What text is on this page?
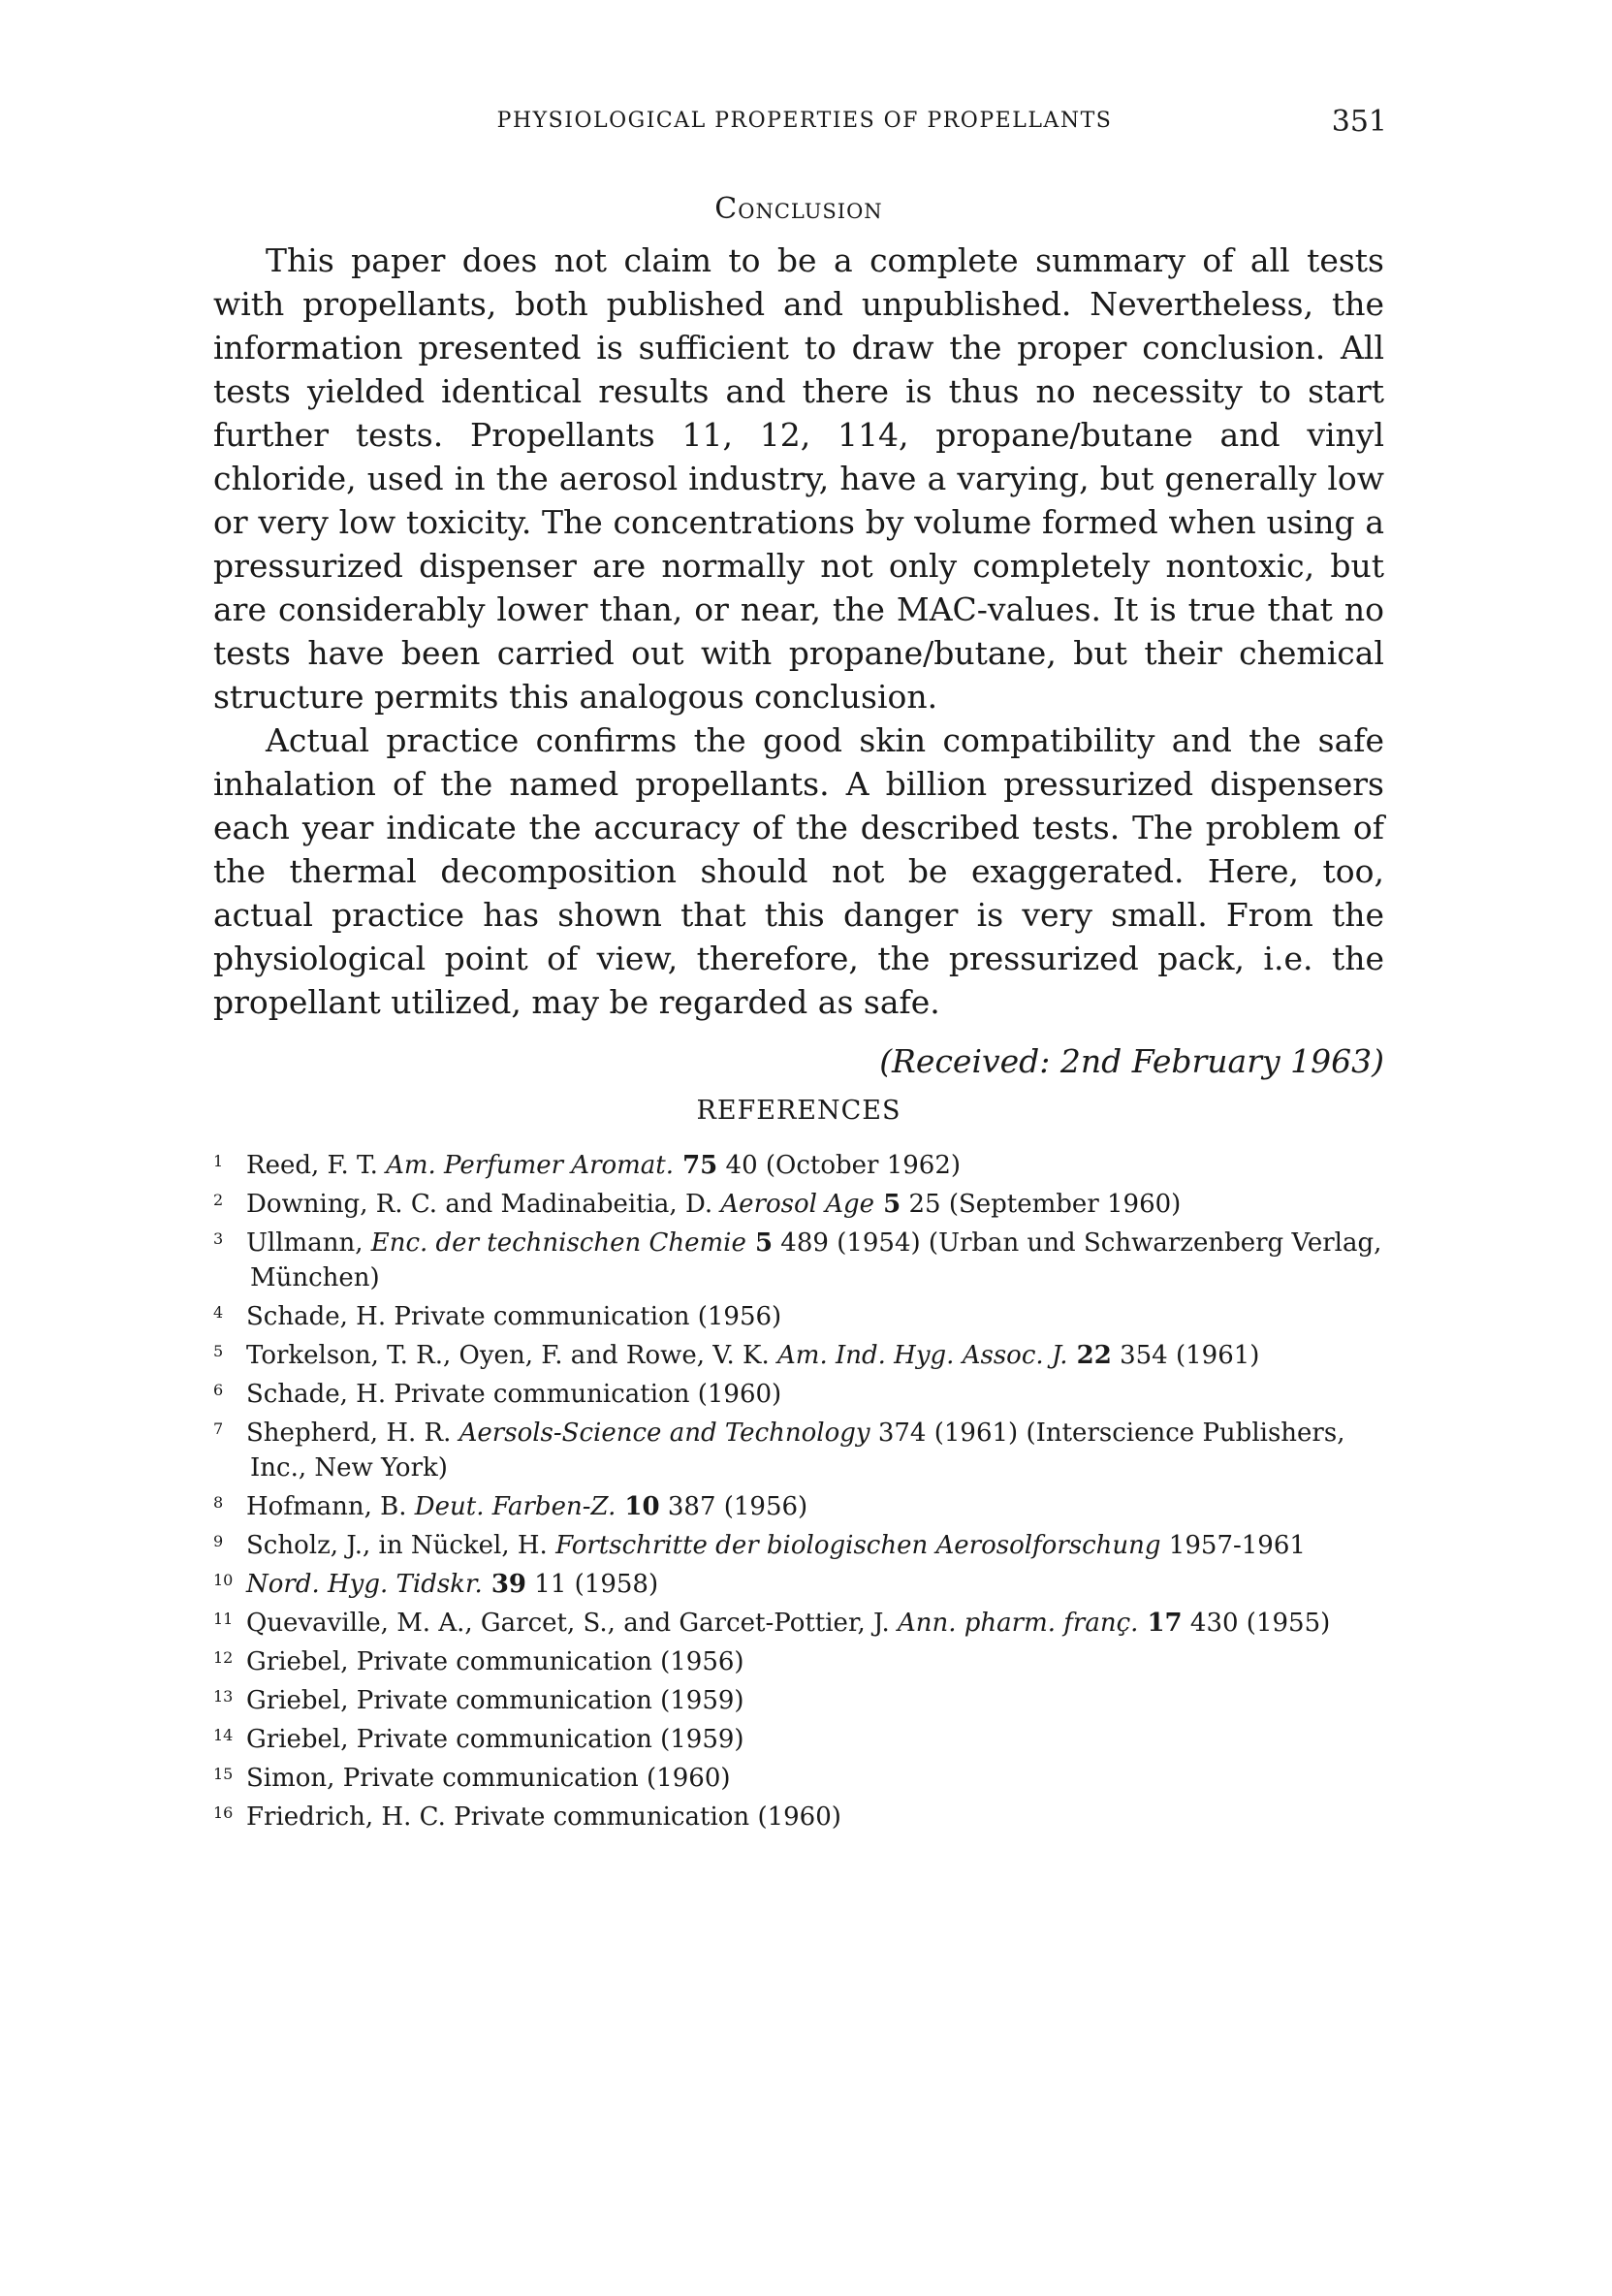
PHYSIOLOGICAL PROPERTIES OF PROPELLANTS	351
Conclusion

This paper does not claim to be a complete summary of all tests with propellants, both published and unpublished. Nevertheless, the information presented is sufficient to draw the proper conclusion. All tests yielded identical results and there is thus no necessity to start further tests. Propellants 11, 12, 114, propane/butane and vinyl chloride, used in the aerosol industry, have a varying, but generally low or very low toxicity. The concentrations by volume formed when using a pressurized dispenser are normally not only completely nontoxic, but are considerably lower than, or near, the MAC-values. It is true that no tests have been carried out with propane/butane, but their chemical structure permits this analogous conclusion.

Actual practice confirms the good skin compatibility and the safe inhalation of the named propellants. A billion pressurized dispensers each year indicate the accuracy of the described tests. The problem of the thermal decomposition should not be exaggerated. Here, too, actual practice has shown that this danger is very small. From the physiological point of view, therefore, the pressurized pack, i.e. the propellant utilized, may be regarded as safe.

(Received: 2nd February 1963)
REFERENCES
1 Reed, F. T. Am. Perfumer Aromat. 75 40 (October 1962)
2 Downing, R. C. and Madinabeitia, D. Aerosol Age 5 25 (September 1960)
3 Ullmann, Enc. der technischen Chemie 5 489 (1954) (Urban und Schwarzenberg Verlag, München)
4 Schade, H. Private communication (1956)
5 Torkelson, T. R., Oyen, F. and Rowe, V. K. Am. Ind. Hyg. Assoc. J. 22 354 (1961)
6 Schade, H. Private communication (1960)
7 Shepherd, H. R. Aersols-Science and Technology 374 (1961) (Interscience Publishers, Inc., New York)
8 Hofmann, B. Deut. Farben-Z. 10 387 (1956)
9 Scholz, J., in Nückel, H. Fortschritte der biologischen Aerosolforschung 1957-1961
10 Nord. Hyg. Tidskr. 39 11 (1958)
11 Quevaville, M. A., Garcet, S., and Garcet-Pottier, J. Ann. pharm. franç. 17 430 (1955)
12 Griebel, Private communication (1956)
13 Griebel, Private communication (1959)
14 Griebel, Private communication (1959)
15 Simon, Private communication (1960)
16 Friedrich, H. C. Private communication (1960)
